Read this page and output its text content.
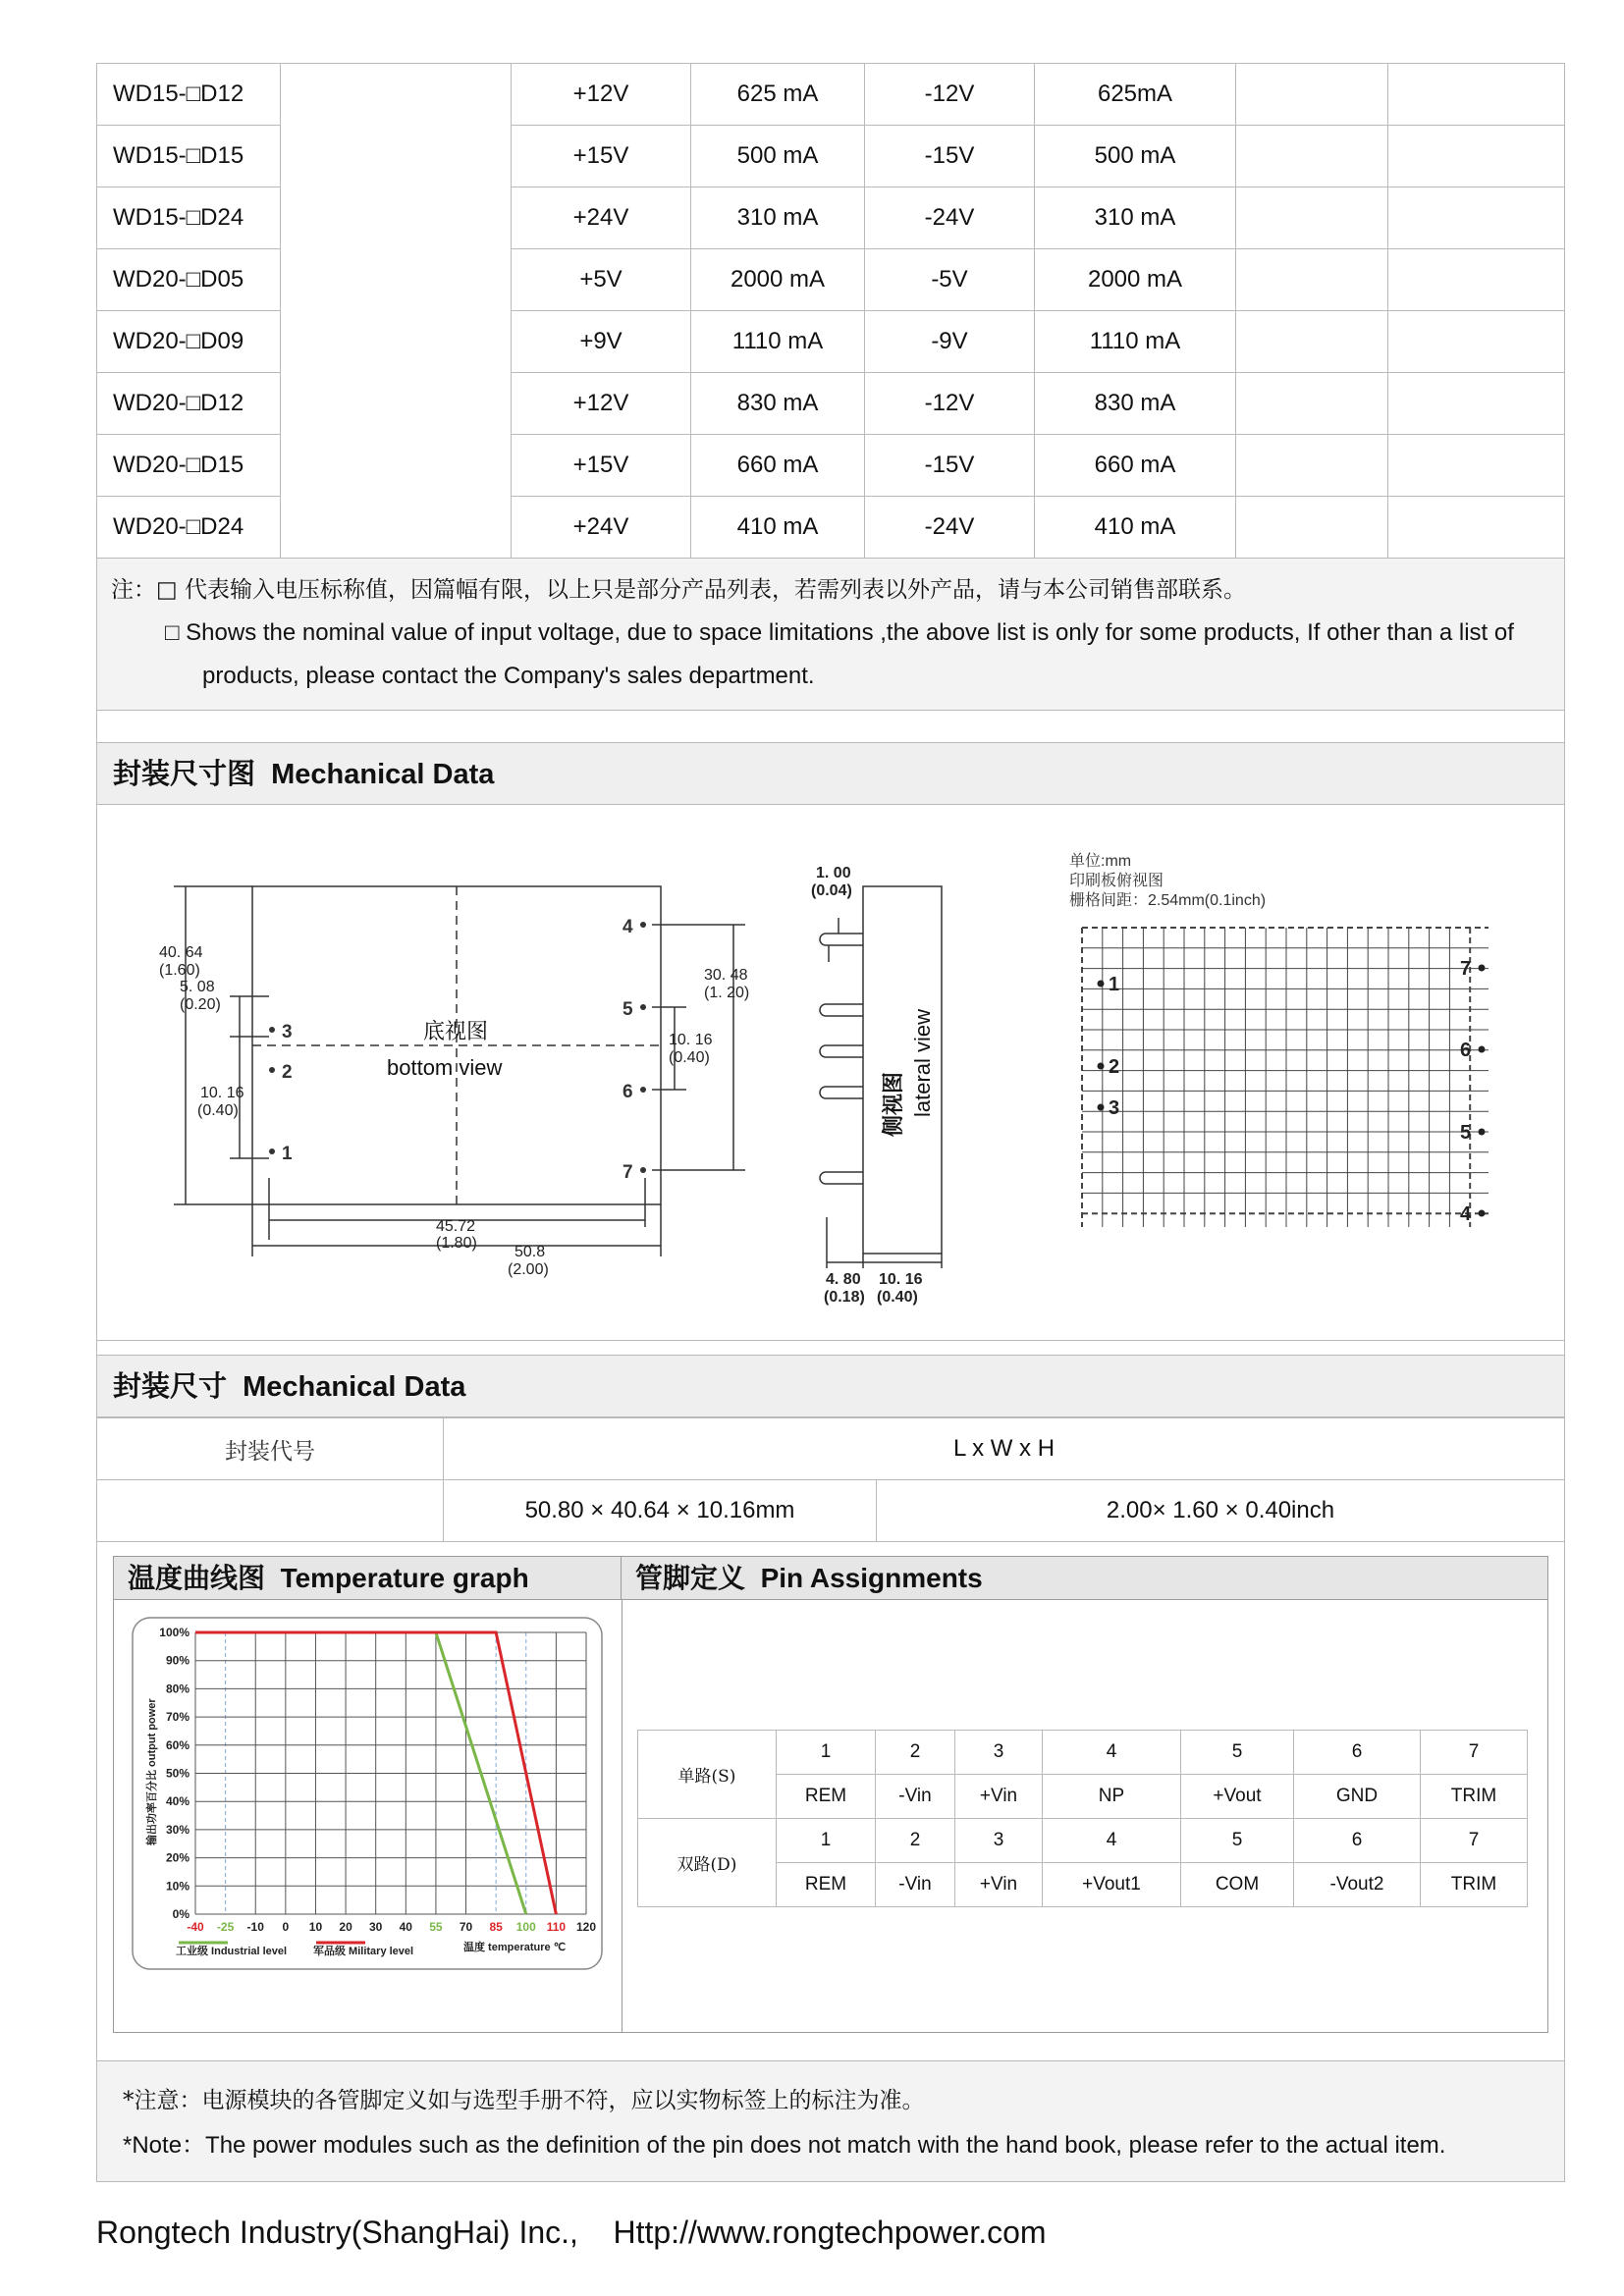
WD15-□D12		+12V	625 mA	-12V	625mA		
WD15-□D15		+15V	500 mA	-15V	500 mA		
WD15-□D24		+24V	310 mA	-24V	310 mA		
WD20-□D05		+5V	2000 mA	-5V	2000 mA		
WD20-□D09		+9V	1110 mA	-9V	1110 mA		
WD20-□D12		+12V	830 mA	-12V	830 mA		
WD20-□D15		+15V	660 mA	-15V	660 mA		
WD20-□D24		+24V	410 mA	-24V	410 mA		
注：□ 代表输入电压标称值，因篇幅有限，以上只是部分产品列表，若需列表以外产品，请与本公司销售部联系。
□ Shows the nominal value of input voltage, due to space limitations ,the above list is only for some products, If other than a list of products, please contact the Company's sales department.
封装尺寸图 Mechanical Data
3
2
1
4
5
6
7
40. 64
(1.60)
5. 08
(0.20)
10. 16
(0.40)
30. 48
(1. 20)
10. 16
(0.40)
45.72
(1.80)
50.8
(2.00)
底视图
bottom view
1. 00
(0.04)
4. 80
(0.18)
10. 16
(0.40)
侧视图 lateral view
单位:mm
印刷板俯视图
栅格间距：2.54mm(0.1inch)
1
2
3
7
6
5
4
封装尺寸 Mechanical Data
封装代号	L x W x H	
	50.80 × 40.64 × 10.16mm	2.00× 1.60 × 0.40inch
温度曲线图 Temperature graph	管脚定义 Pin Assignments
-40 -25 -10 0 10 20 30 40 55 70 85 100 110 120
0%
10%
20%
30%
40%
50%
60%
70%
80%
90%
100%
输出功率百分比 output power
工业级 Industrial level 军品级 Military level	温度 temperature ℃
单路(S)	1	2	3	4	5	6	7
	REM	-Vin	+Vin	NP	+Vout	GND	TRIM
双路(D)	1	2	3	4	5	6	7
	REM	-Vin	+Vin	+Vout1	COM	-Vout2	TRIM
*注意：电源模块的各管脚定义如与选型手册不符，应以实物标签上的标注为准。
*Note：The power modules such as the definition of the pin does not match with the hand book, please refer to the actual item.
Rongtech Industry(ShangHai) Inc., Http://www.rongtechpower.com
